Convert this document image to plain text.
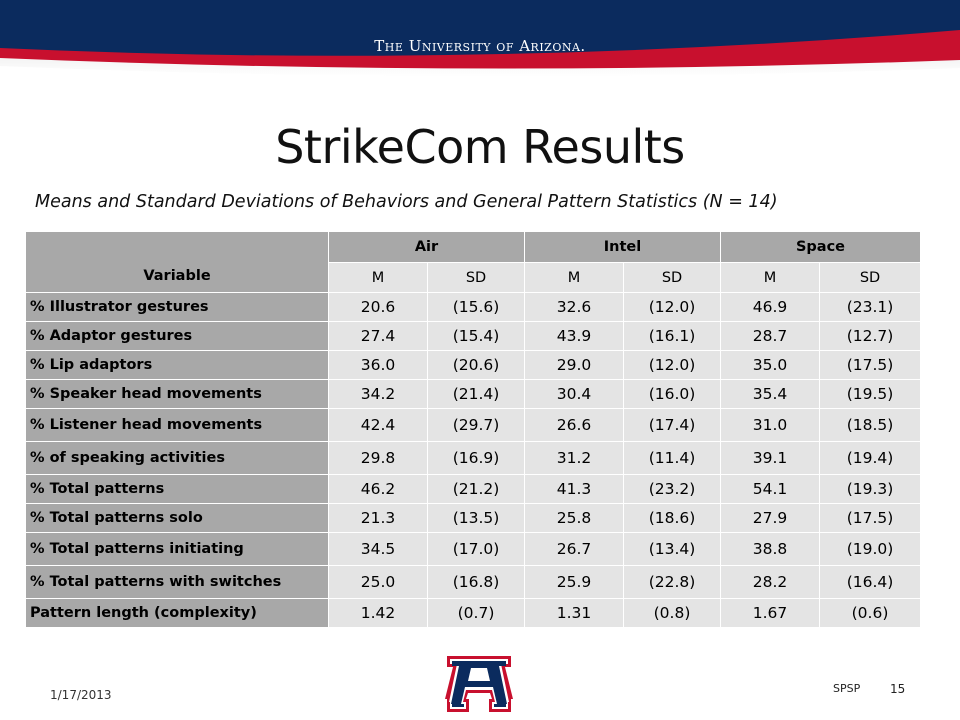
The University of Arizona.
StrikeCom Results
Means and Standard Deviations of Behaviors and General Pattern Statistics (N = 14)
Variable	Air		Intel		Space	
	M	SD	M	SD	M	SD
% Illustrator gestures	20.6	(15.6)	32.6	(12.0)	46.9	(23.1)
% Adaptor gestures	27.4	(15.4)	43.9	(16.1)	28.7	(12.7)
% Lip adaptors	36.0	(20.6)	29.0	(12.0)	35.0	(17.5)
% Speaker head movements	34.2	(21.4)	30.4	(16.0)	35.4	(19.5)
% Listener head movements	42.4	(29.7)	26.6	(17.4)	31.0	(18.5)
% of speaking activities	29.8	(16.9)	31.2	(11.4)	39.1	(19.4)
% Total patterns	46.2	(21.2)	41.3	(23.2)	54.1	(19.3)
% Total patterns solo	21.3	(13.5)	25.8	(18.6)	27.9	(17.5)
% Total patterns initiating	34.5	(17.0)	26.7	(13.4)	38.8	(19.0)
% Total patterns with switches	25.0	(16.8)	25.9	(22.8)	28.2	(16.4)
Pattern length (complexity)	1.42	(0.7)	1.31	(0.8)	1.67	(0.6)
1/17/2013	SPSP 15
